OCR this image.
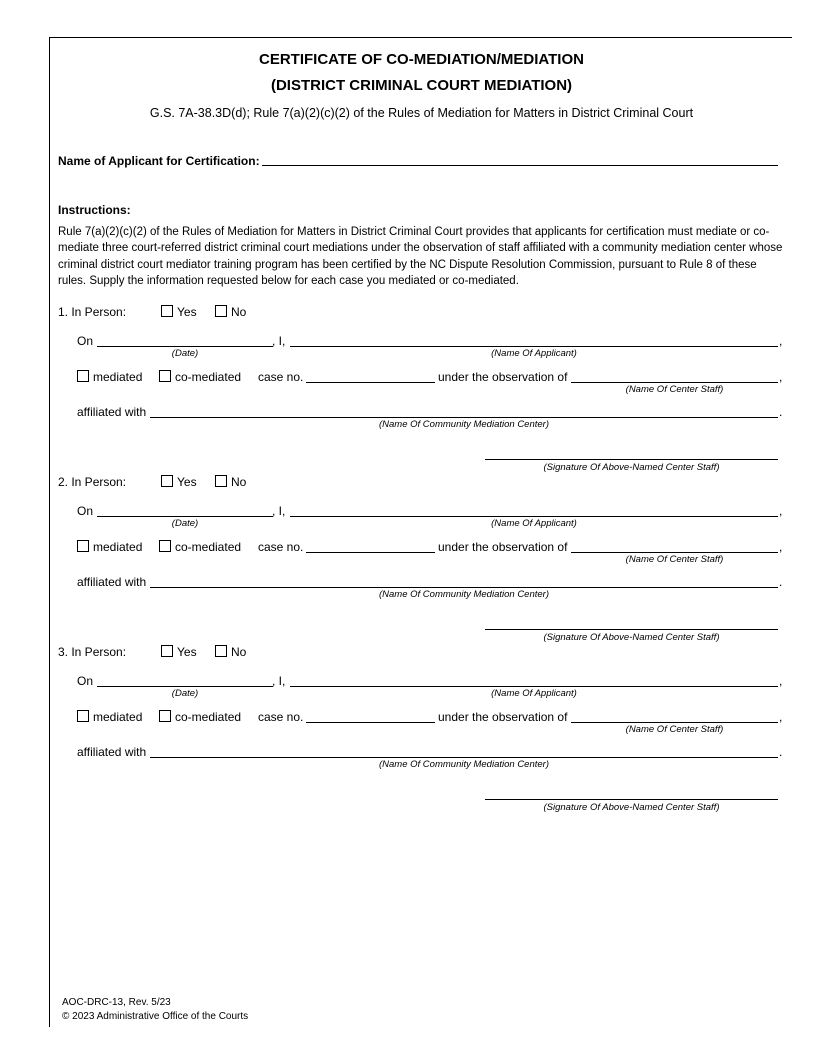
CERTIFICATE OF CO-MEDIATION/MEDIATION
(DISTRICT CRIMINAL COURT MEDIATION)
G.S. 7A-38.3D(d); Rule 7(a)(2)(c)(2) of the Rules of Mediation for Matters in District Criminal Court
Name of Applicant for Certification:
Instructions:
Rule 7(a)(2)(c)(2) of the Rules of Mediation for Matters in District Criminal Court provides that applicants for certification must mediate or co-mediate three court-referred district criminal court mediations under the observation of staff affiliated with a community mediation center whose criminal district court mediator training program has been certified by the NC Dispute Resolution Commission, pursuant to Rule 8 of these rules. Supply the information requested below for each case you mediated or co-mediated.
1. In Person:	Yes	No
On	, I,	,
(Date)	(Name Of Applicant)
mediated	co-mediated case no.	under the observation of	,
(Name Of Center Staff)
affiliated with	.
(Name Of Community Mediation Center)
(Signature Of Above-Named Center Staff)
2. In Person:	Yes	No
On	, I,	,
(Date)	(Name Of Applicant)
mediated	co-mediated case no.	under the observation of	,
(Name Of Center Staff)
affiliated with	.
(Name Of Community Mediation Center)
(Signature Of Above-Named Center Staff)
3. In Person:	Yes	No
On	, I,	,
(Date)	(Name Of Applicant)
mediated	co-mediated case no.	under the observation of	,
(Name Of Center Staff)
affiliated with	.
(Name Of Community Mediation Center)
(Signature Of Above-Named Center Staff)
AOC-DRC-13, Rev. 5/23
© 2023 Administrative Office of the Courts
